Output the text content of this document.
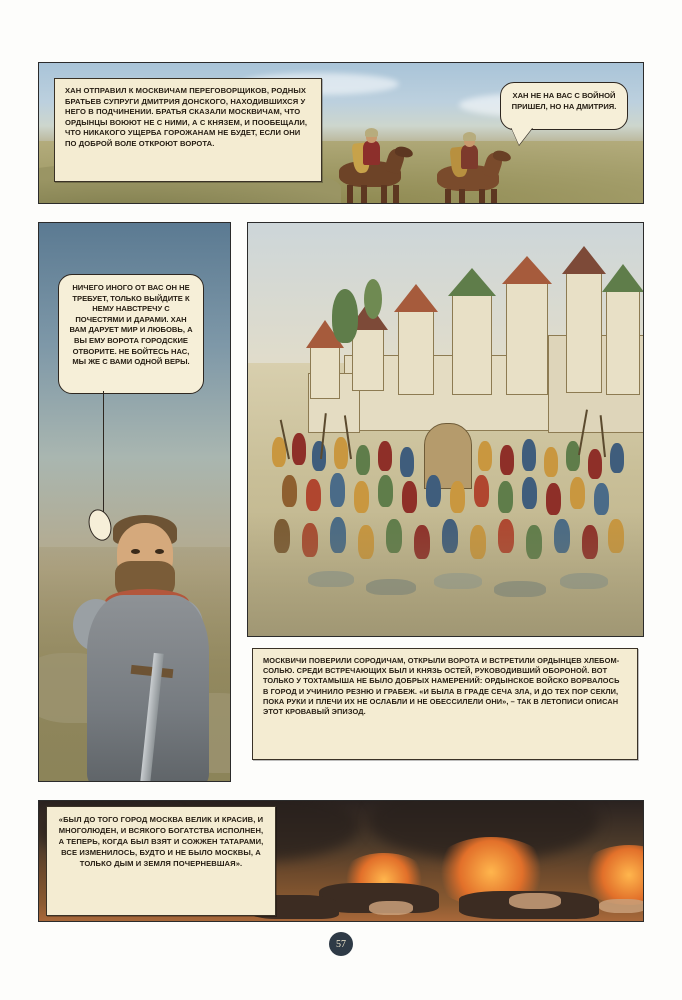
ХАН ОТПРАВИЛ К МОСКВИЧАМ ПЕРЕГОВОРЩИКОВ, РОДНЫХ БРАТЬЕВ СУПРУГИ ДМИТРИЯ ДОНСКОГО, НАХОДИВШИХСЯ У НЕГО В ПОДЧИНЕНИИ. БРАТЬЯ СКАЗАЛИ МОСКВИЧАМ, ЧТО ОРДЫНЦЫ ВОЮЮТ НЕ С НИМИ, А С КНЯЗЕМ, И ПООБЕЩАЛИ, ЧТО НИКАКОГО УЩЕРБА ГОРОЖАНАМ НЕ БУДЕТ, ЕСЛИ ОНИ ПО ДОБРОЙ ВОЛЕ ОТКРОЮТ ВОРОТА.
ХАН НЕ НА ВАС С ВОЙНОЙ ПРИШЕЛ, НО НА ДМИТРИЯ.
НИЧЕГО ИНОГО ОТ ВАС ОН НЕ ТРЕБУЕТ, ТОЛЬКО ВЫЙДИТЕ К НЕМУ НАВСТРЕЧУ С ПОЧЕСТЯМИ И ДАРАМИ. ХАН ВАМ ДАРУЕТ МИР И ЛЮБОВЬ, А ВЫ ЕМУ ВОРОТА ГОРОДСКИЕ ОТВОРИТЕ. НЕ БОЙТЕСЬ НАС, МЫ ЖЕ С ВАМИ ОДНОЙ ВЕРЫ.
МОСКВИЧИ ПОВЕРИЛИ СОРОДИЧАМ, ОТКРЫЛИ ВОРОТА И ВСТРЕТИЛИ ОРДЫНЦЕВ ХЛЕБОМ-СОЛЬЮ. СРЕДИ ВСТРЕЧАЮЩИХ БЫЛ И КНЯЗЬ ОСТЕЙ, РУКОВОДИВШИЙ ОБОРОНОЙ. ВОТ ТОЛЬКО У ТОХТАМЫША НЕ БЫЛО ДОБРЫХ НАМЕРЕНИЙ: ОРДЫНСКОЕ ВОЙСКО ВОРВАЛОСЬ В ГОРОД И УЧИНИЛО РЕЗНЮ И ГРАБЕЖ. «И БЫЛА В ГРАДЕ СЕЧА ЗЛА, И ДО ТЕХ ПОР СЕКЛИ, ПОКА РУКИ И ПЛЕЧИ ИХ НЕ ОСЛАБЛИ И НЕ ОБЕССИЛЕЛИ ОНИ», – ТАК В ЛЕТОПИСИ ОПИСАН ЭТОТ КРОВАВЫЙ ЭПИЗОД.
«БЫЛ ДО ТОГО ГОРОД МОСКВА ВЕЛИК И КРАСИВ, И МНОГОЛЮДЕН, И ВСЯКОГО БОГАТСТВА ИСПОЛНЕН, А ТЕПЕРЬ, КОГДА БЫЛ ВЗЯТ И СОЖЖЕН ТАТАРАМИ, ВСЕ ИЗМЕНИЛОСЬ, БУДТО И НЕ БЫЛО МОСКВЫ, А ТОЛЬКО ДЫМ И ЗЕМЛЯ ПОЧЕРНЕВШАЯ».
57
